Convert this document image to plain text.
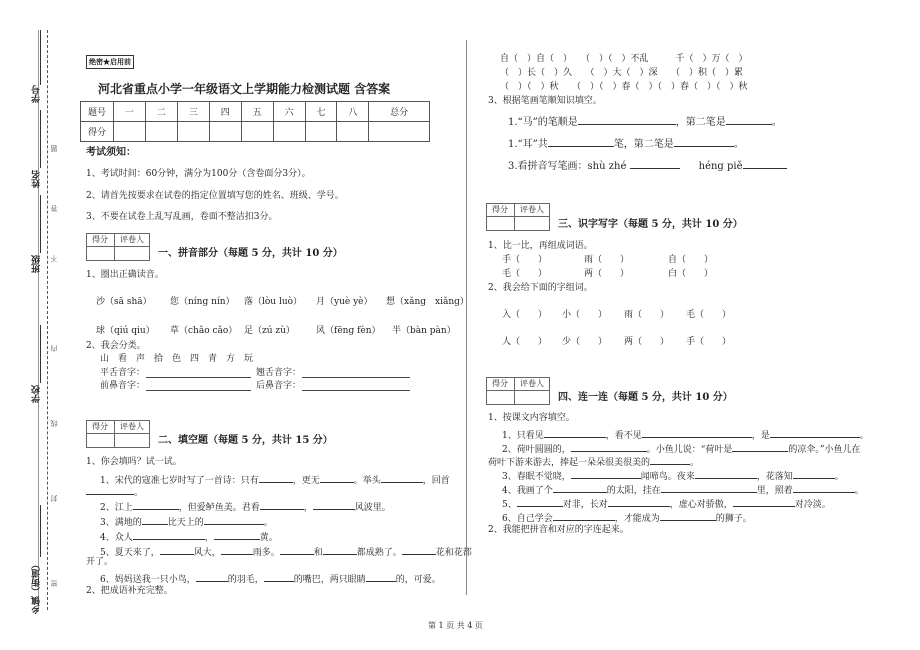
学号
姓名
班级
学校
乡镇（街道）
题
答
不
内
线
封
密
绝密★启用前
河北省重点小学一年级语文上学期能力检测试题 含答案
题号	一	二	三	四	五	六	七	八	总分
得分									
考试须知：
1、考试时间：60分钟，满分为100分（含卷面分3分）。
2、请首先按要求在试卷的指定位置填写您的姓名、班级、学号。
3、不要在试卷上乱写乱画，卷面不整洁扣3分。
得分	评卷人
一、拼音部分（每题 5 分，共计 10 分）
1、圈出正确读音。
沙（sā shā） 您（níng nín） 落（lòu luò） 月（yuè yè） 想（xǎng　xiǎng）
球（qiú qiu） 草（chǎo cǎo） 足（zú zù） 风（fēng fèn） 半（bàn pàn）
2、我会分类。
山　看　声　拾　色　四　青　方　玩
平舌音字：	翘舌音字：
前鼻音字：	后鼻音字：
得分	评卷人
二、填空题（每题 5 分，共计 15 分）
1、你会填吗？试一试。
1、宋代的寇准七岁时写了一首诗：只有	，更无	。举头	，回首
。
2、江上	，但爱鲈鱼美。君看	，	风波里。
3、满地的	比天上的	。
4、众人	，	黄。
5、夏天来了，	风大，	雨多。	和	都成熟了。	花和花都
开了。
6、妈妈送我一只小鸟，	的羽毛，	的嘴巴，两只眼睛	的，可爱。
2、把成语补充完整。
自（　）自（　）　　（　）（　）不乱　　　千（　）万（　）
（　）长（　）久　　（　）大（　）深　　（　）积（　）累
（　）（　）秋　　（　）（　）春（　）（　）春（　）（　）秋
3、根据笔画笔顺知识填空。
1.“马”的笔顺是	，第二笔是	。
1.“耳”共	笔，第二笔是	。
3.看拼音写笔画：shù zhé	héng piě
得分	评卷人
三、识字写字（每题 5 分，共计 10 分）
1、比一比，再组成词语。
手（　　）	雨（　　）	自（　　）
毛（　　）	两（　　）	白（　　）
2、我会给下面的字组词。
入（　　） 小（　　） 雨（　　） 毛（　　）
人（　　） 少（　　） 两（　　） 手（　　）
得分	评卷人
四、连一连（每题 5 分，共计 10 分）
1、按课文内容填空。
1、只看见	，看不见	，是	。
2、荷叶圆圆的，	。小鱼儿说：“荷叶是	的凉伞。”小鱼儿在
荷叶下游来游去，捧起一朵朵很美很美的	。
3、春眠不觉晓，	闻啼鸟。夜来	，花落知	。
4、我画了个	的太阳，挂在	里，照着	。
5、	对非，长对	，虚心对骄傲，	对冷淡。
6、自己学会	，才能成为	的狮子。
2、我能把拼音和对应的字连起来。
第 1 页 共 4 页
